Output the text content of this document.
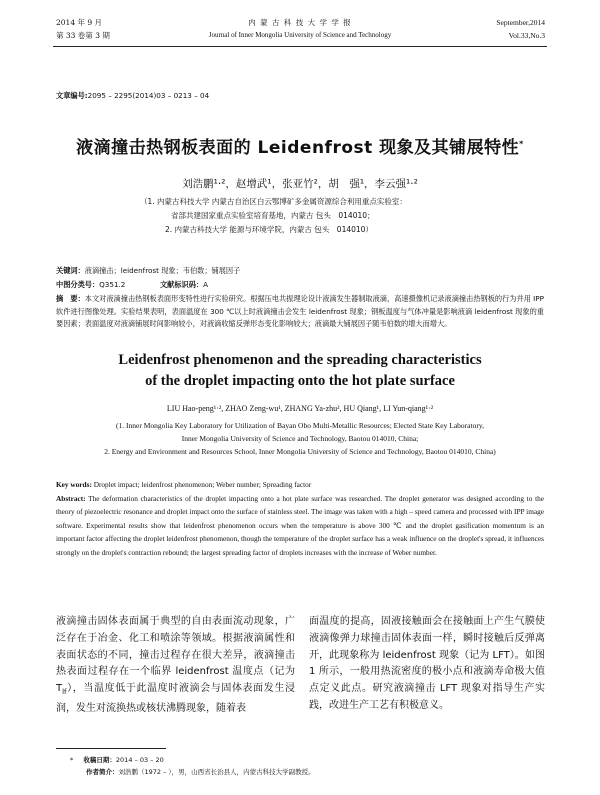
2014 年 9 月
第 33 卷第 3 期
内 蒙 古 科 技 大 学 学 报
Journal of Inner Mongolia University of Science and Technology
September,2014
Vol.33,No.3
文章编号:2095 – 2295(2014)03 – 0213 – 04
液滴撞击热钢板表面的 Leidenfrost 现象及其铺展特性*
刘浩鹏¹·²，赵增武¹，张亚竹²，胡　强¹，李云强¹·²
（1. 内蒙古科技大学 内蒙古自治区白云鄂博矿多金属资源综合利用重点实验室：
省部共建国家重点实验室培育基地，内蒙古 包头　014010；
2. 内蒙古科技大学 能源与环境学院，内蒙古 包头　014010）
关键词：液滴撞击；leidenfrost 现象；韦伯数；铺展因子
中图分类号：Q351.2	文献标识码：A
摘　要：本文对液滴撞击热钢板表面形变特性进行实验研究。根据压电共振理论设计液滴发生器制取液滴，高速摄像机记录液滴撞击热钢板的行为并用 IPP 软件进行图像处理。实验结果表明，表面温度在 300 ℃以上时液滴撞击会发生 leidenfrost 现象；钢板温度与气体冲量是影响液滴 leidenfrost 现象的重要因素；表面温度对液滴铺展时间影响较小，对液滴收缩反弹形态变化影响较大；液滴最大铺展因子随韦伯数的增大而增大。
Leidenfrost phenomenon and the spreading characteristics
of the droplet impacting onto the hot plate surface
LIU Hao-peng¹·², ZHAO Zeng-wu¹, ZHANG Ya-zhu², HU Qiang¹, LI Yun-qiang¹·²
(1. Inner Mongolia Key Laboratory for Utilization of Bayan Obo Multi-Metallic Resources; Elected State Key Laboratory,
Inner Mongolia University of Science and Technology, Baotou 014010, China;
2. Energy and Environment and Resources School, Inner Mongolia University of Science and Technology, Baotou 014010, China)
Key words: Droplet impact; leidenfrost phenomenon; Weber number; Spreading factor
Abstract: The deformation characteristics of the droplet impacting onto a hot plate surface was researched. The droplet generator was designed according to the theory of piezoelectric resonance and droplet impact onto the surface of stainless steel. The image was taken with a high – speed camera and processed with IPP image software. Experimental results show that leidenfrost phenomenon occurs when the temperature is above 300 ℃ and the droplet gasification momentum is an important factor affecting the droplet leidenfrost phenomenon, though the temperature of the droplet surface has a weak influence on the droplet's spread, it influences strongly on the droplet's contraction rebound; the largest spreading factor of droplets increases with the increase of Weber number.
液滴撞击固体表面属于典型的自由表面流动现象，广泛存在于冶金、化工和喷涂等领域。根据液滴属性和表面状态的不同，撞击过程存在很大差异，液滴撞击热表面过程存在一个临界 leidenfrost 温度点（记为 $T_{lf}$），当温度低于此温度时液滴会与固体表面发生浸润，发生对流换热或核状沸腾现象，随着表
面温度的提高，固液接触面会在接触面上产生气膜使液滴像弹力球撞击固体表面一样，瞬时接触后反弹离开，此现象称为 leidenfrost 现象（记为 LFT）。如图 1 所示，一般用热流密度的极小点和液滴寿命极大值点定义此点。研究液滴撞击 LFT 现象对指导生产实践，改进生产工艺有积极意义。
* 收稿日期：2014 – 03 – 20
作者简介：刘浩鹏（1972 – ），男，山西省长治县人，内蒙古科技大学副教授。
